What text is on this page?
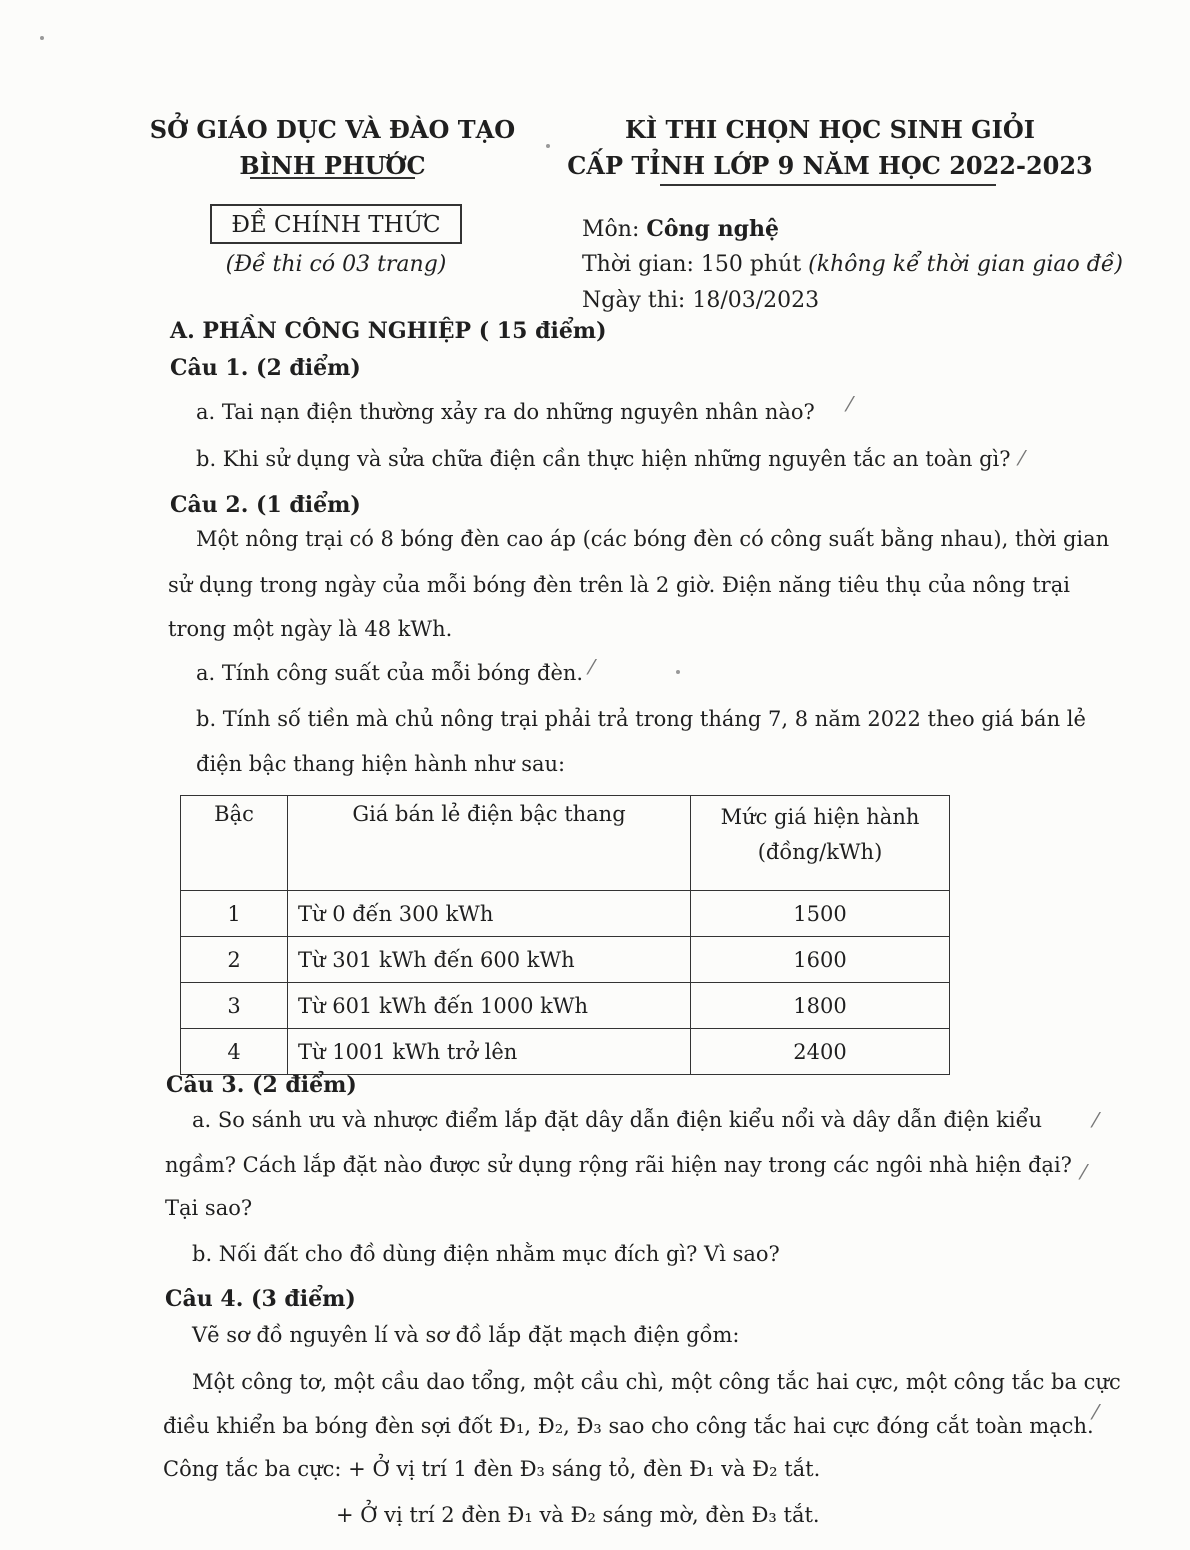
SỞ GIÁO DỤC VÀ ĐÀO TẠO
BÌNH PHƯỚC
KÌ THI CHỌN HỌC SINH GIỎI
CẤP TỈNH LỚP 9 NĂM HỌC 2022-2023
ĐỀ CHÍNH THỨC
(Đề thi có 03 trang)
Môn: Công nghệ
Thời gian: 150 phút (không kể thời gian giao đề)
Ngày thi: 18/03/2023
A. PHẦN CÔNG NGHIỆP ( 15 điểm)
Câu 1. (2 điểm)
a. Tai nạn điện thường xảy ra do những nguyên nhân nào?
b. Khi sử dụng và sửa chữa điện cần thực hiện những nguyên tắc an toàn gì?
Câu 2. (1 điểm)
Một nông trại có 8 bóng đèn cao áp (các bóng đèn có công suất bằng nhau), thời gian
sử dụng trong ngày của mỗi bóng đèn trên là 2 giờ. Điện năng tiêu thụ của nông trại
trong một ngày là 48 kWh.
a. Tính công suất của mỗi bóng đèn.
b. Tính số tiền mà chủ nông trại phải trả trong tháng 7, 8 năm 2022 theo giá bán lẻ
điện bậc thang hiện hành như sau:
Bậc	Giá bán lẻ điện bậc thang	Mức giá hiện hành
(đồng/kWh)

1	Từ 0 đến 300 kWh	1500
2	Từ 301 kWh đến 600 kWh	1600
3	Từ 601 kWh đến 1000 kWh	1800
4	Từ 1001 kWh trở lên	2400
Câu 3. (2 điểm)
a. So sánh ưu và nhược điểm lắp đặt dây dẫn điện kiểu nổi và dây dẫn điện kiểu
ngầm? Cách lắp đặt nào được sử dụng rộng rãi hiện nay trong các ngôi nhà hiện đại?
Tại sao?
b. Nối đất cho đồ dùng điện nhằm mục đích gì? Vì sao?
Câu 4. (3 điểm)
Vẽ sơ đồ nguyên lí và sơ đồ lắp đặt mạch điện gồm:
Một công tơ, một cầu dao tổng, một cầu chì, một công tắc hai cực, một công tắc ba cực
điều khiển ba bóng đèn sợi đốt Đ₁, Đ₂, Đ₃ sao cho công tắc hai cực đóng cắt toàn mạch.
Công tắc ba cực: + Ở vị trí 1 đèn Đ₃ sáng tỏ, đèn Đ₁ và Đ₂ tắt.
+ Ở vị trí 2 đèn Đ₁ và Đ₂ sáng mờ, đèn Đ₃ tắt.
⁄
⁄
⁄
⁄
⁄
⁄
